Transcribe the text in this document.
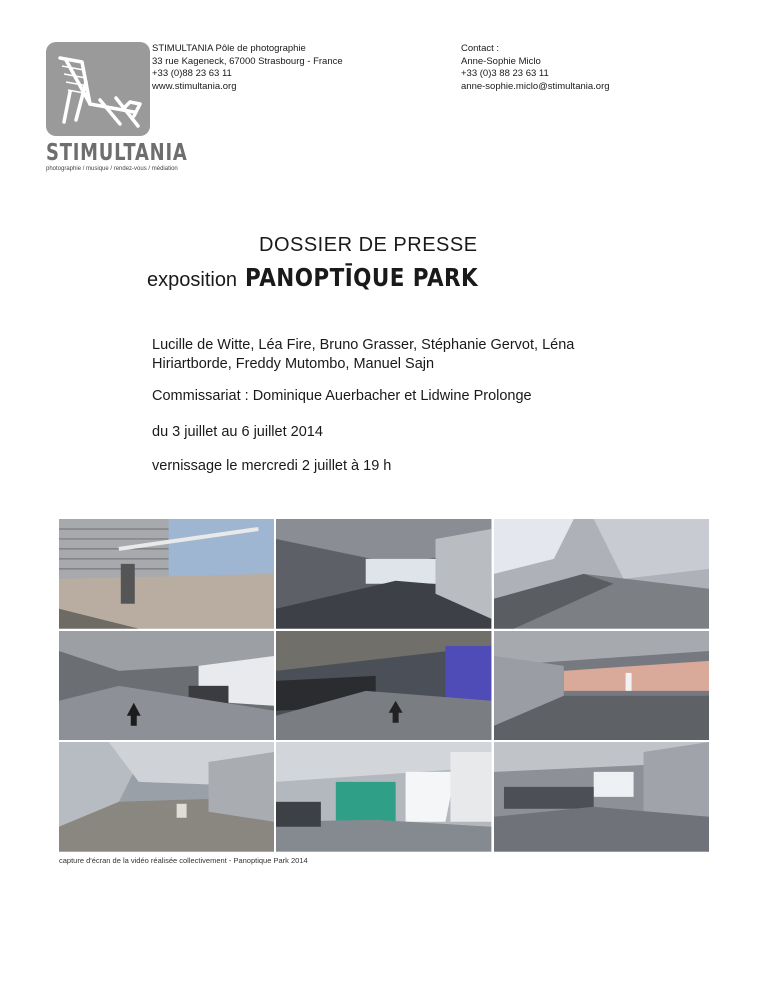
STIMULTANIA
photographie / musique / rendez-vous / médiation
STIMULTANIA Pôle de photographie
33 rue Kageneck, 67000 Strasbourg - France
+33 (0)88 23 63 11
www.stimultania.org
Contact :
Anne-Sophie Miclo
+33 (0)3 88 23 63 11
anne-sophie.miclo@stimultania.org
DOSSIER DE PRESSE
exposition PANOPTĪQUE PARK
Lucille de Witte, Léa Fire, Bruno Grasser, Stéphanie Gervot, Léna Hiriartborde, Freddy Mutombo, Manuel Sajn
Commissariat : Dominique Auerbacher et Lidwine Prolonge
du 3 juillet au 6 juillet 2014
vernissage le mercredi 2 juillet à 19 h
capture d'écran de la vidéo réalisée collectivement - Panoptique Park 2014
